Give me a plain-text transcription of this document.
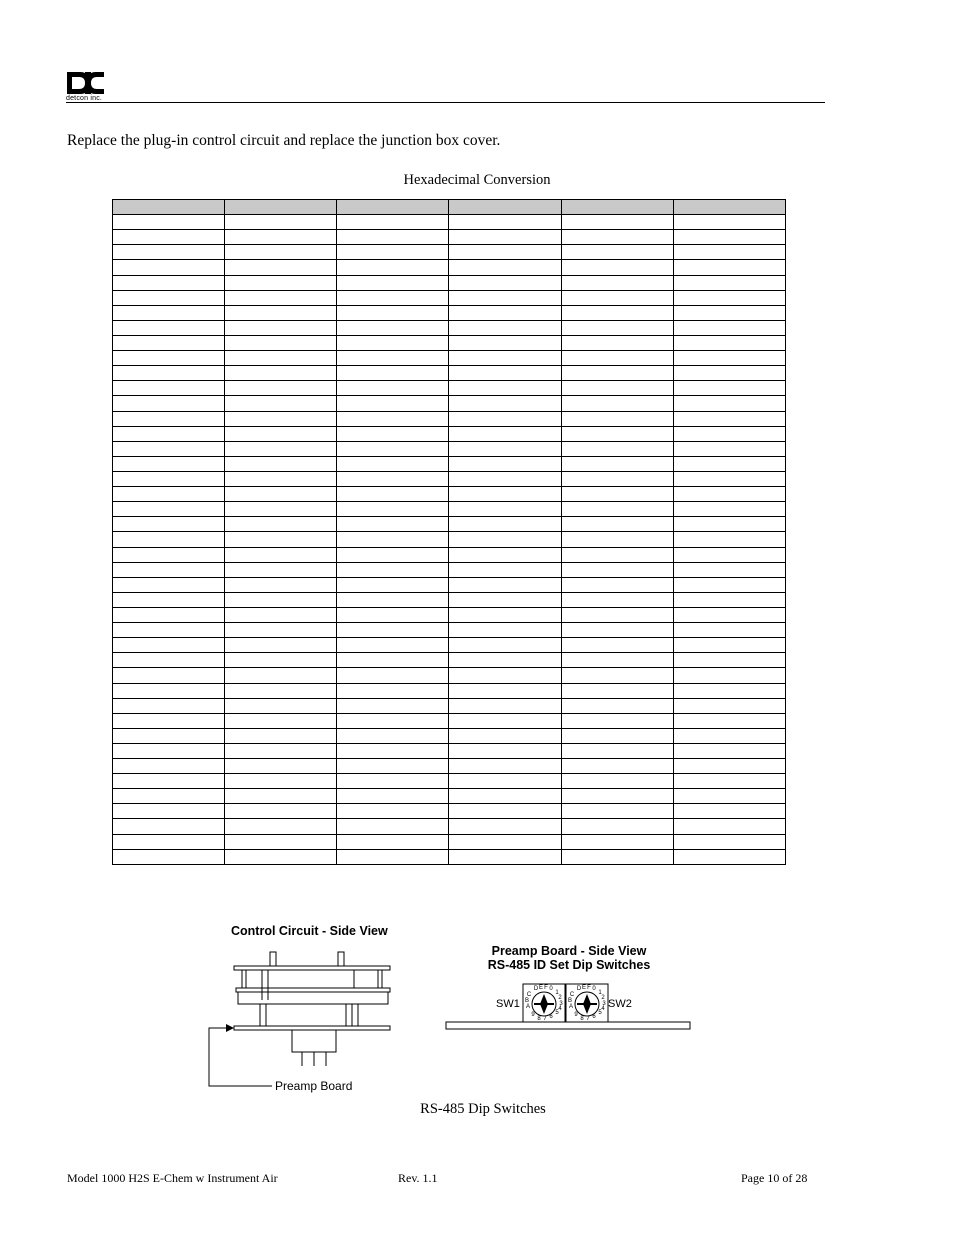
detcon inc.
Replace the plug-in control circuit and replace the junction box cover.
Hexadecimal Conversion

Control Circuit - Side View
Preamp Board
Preamp Board - Side View
RS-485 ID Set Dip Switches
D E F 0
1
2
3
C
B
A
9
8 7 6
5
4
D E F 0
1
2
3
C
B
A
9
8 7 6
5
4
SW1	SW2
RS-485 Dip Switches
Model 1000 H2S E-Chem w Instrument Air	Rev. 1.1	Page 10 of 28
